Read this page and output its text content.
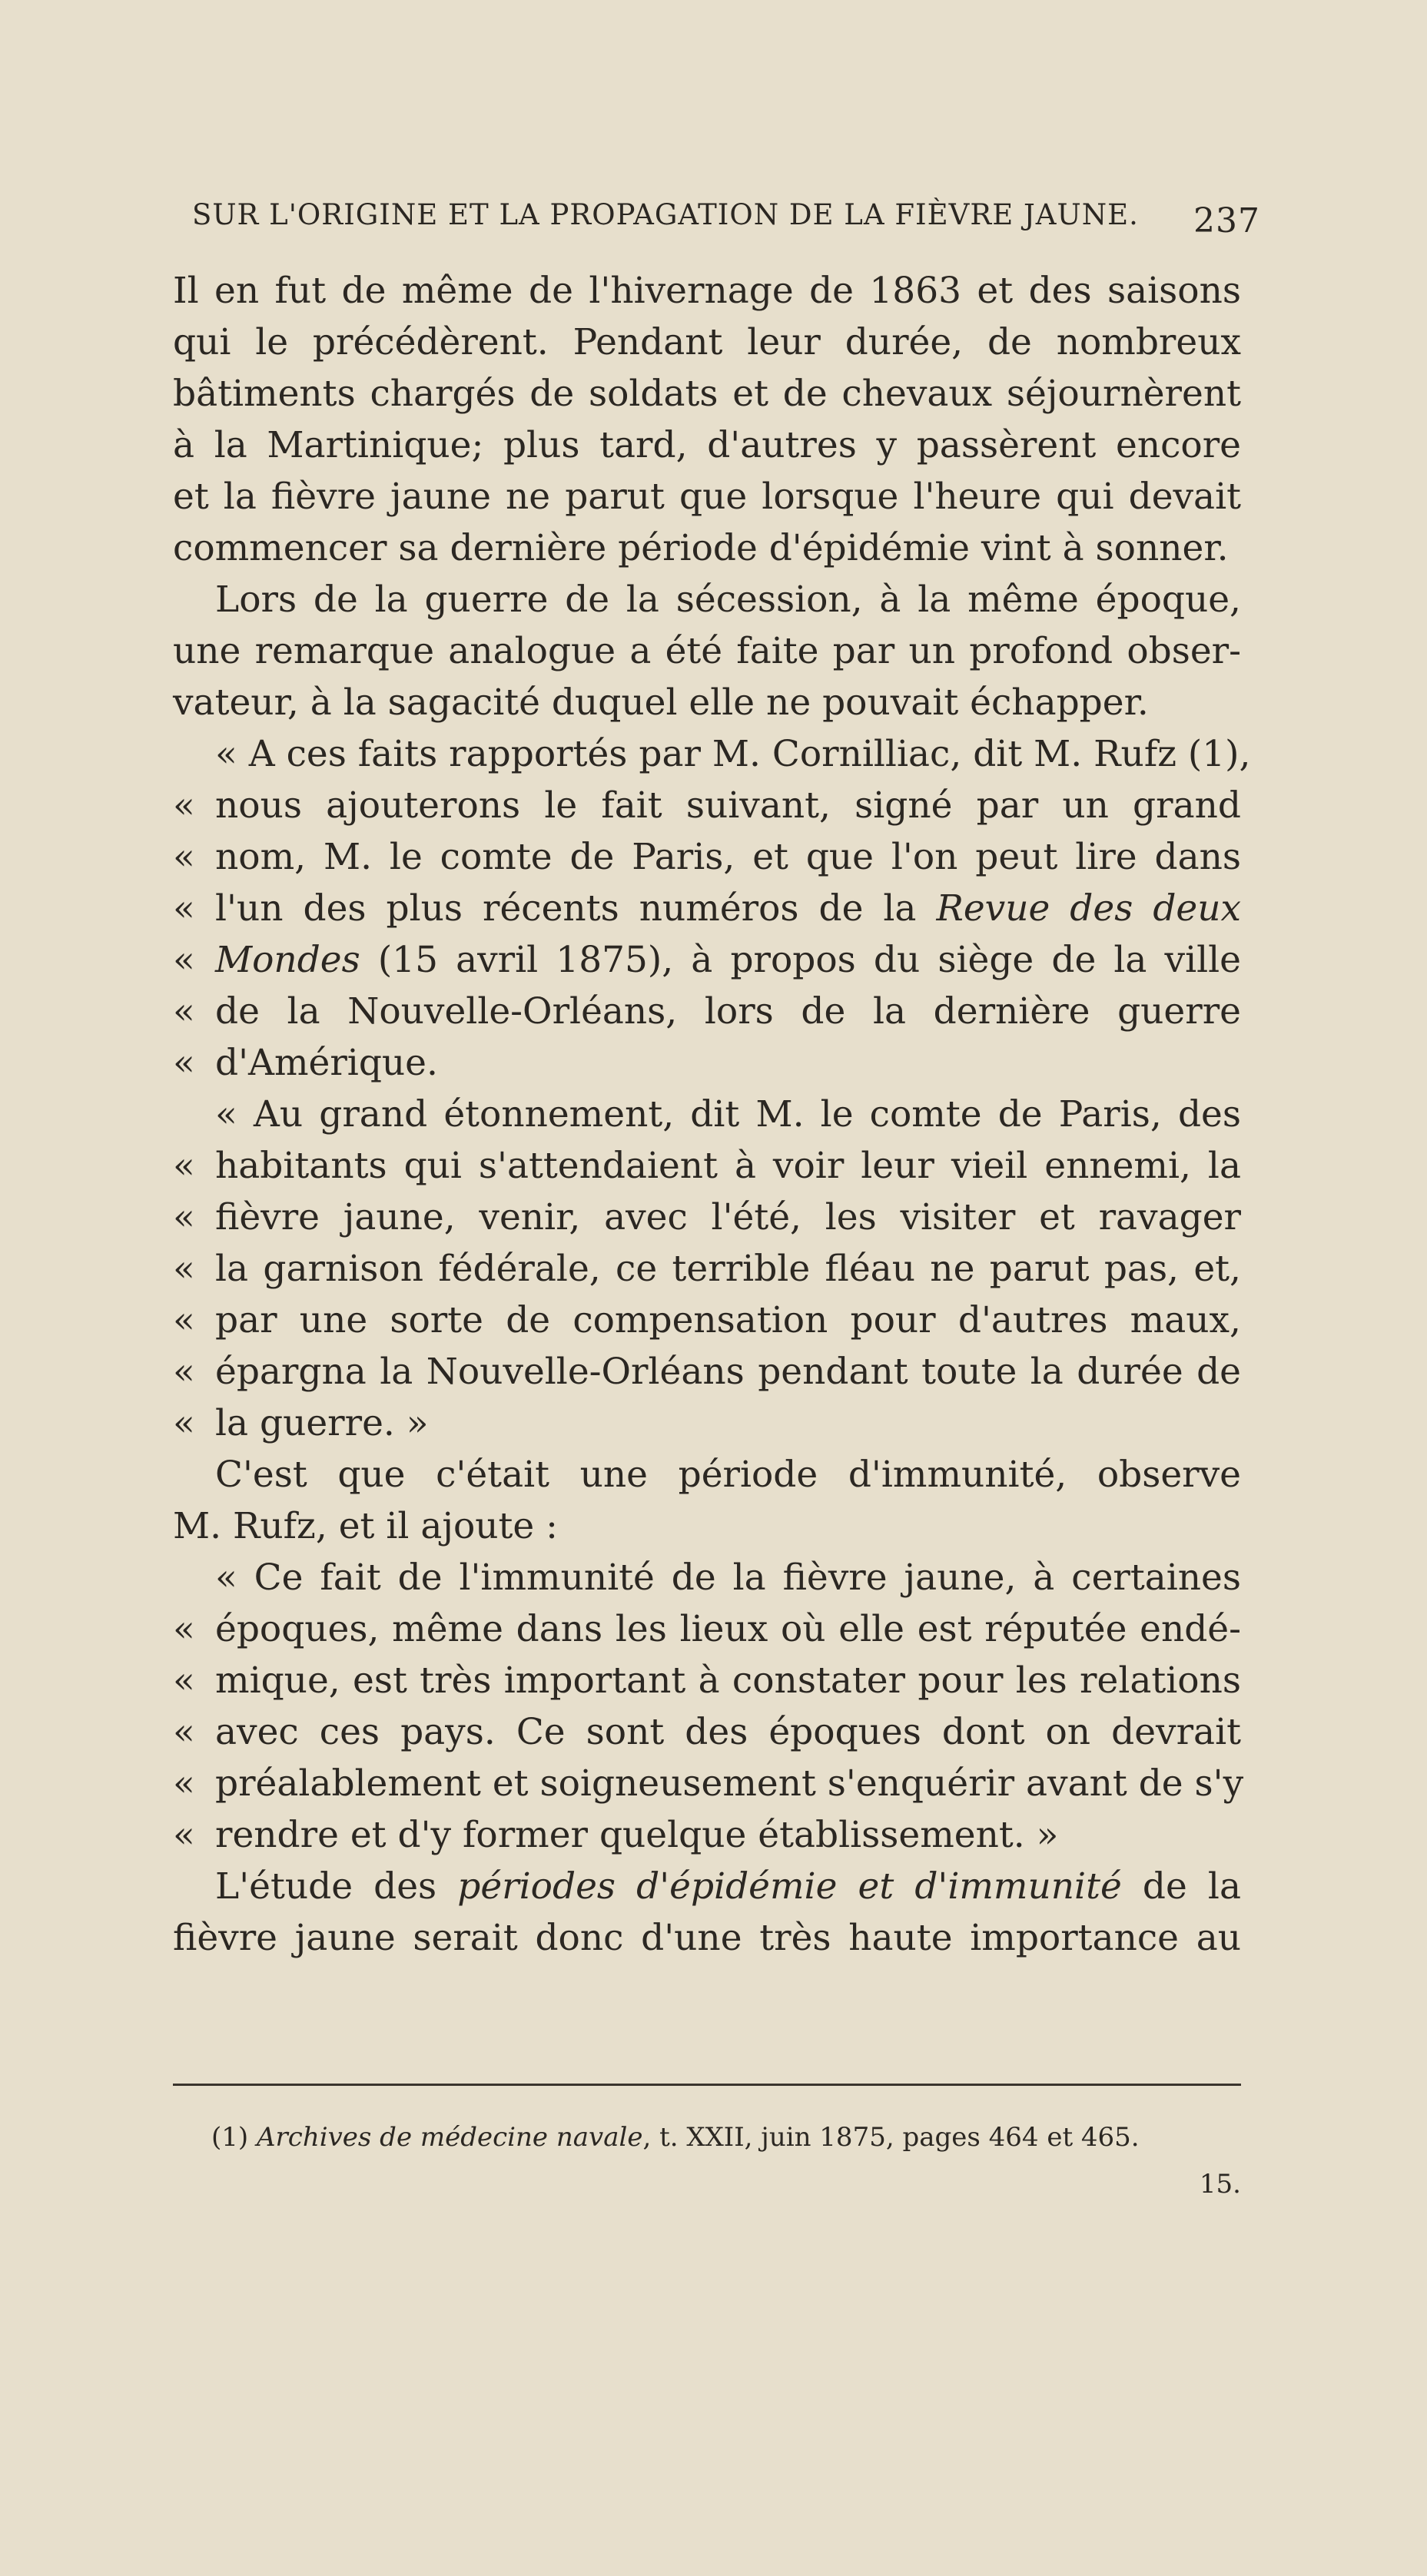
SUR L'ORIGINE ET LA PROPAGATION DE LA FIÈVRE JAUNE. 237
Il en fut de même de l'hivernage de 1863 et des saisons
qui le précédèrent. Pendant leur durée, de nombreux
bâtiments chargés de soldats et de chevaux séjournèrent
à la Martinique; plus tard, d'autres y passèrent encore
et la fièvre jaune ne parut que lorsque l'heure qui devait
commencer sa dernière période d'épidémie vint à sonner.
Lors de la guerre de la sécession, à la même époque,
une remarque analogue a été faite par un profond obser-
vateur, à la sagacité duquel elle ne pouvait échapper.
« A ces faits rapportés par M. Cornilliac, dit M. Rufz (1),
« nous ajouterons le fait suivant, signé par un grand
« nom, M. le comte de Paris, et que l'on peut lire dans
« l'un des plus récents numéros de la Revue des deux
« Mondes (15 avril 1875), à propos du siège de la ville
« de la Nouvelle-Orléans, lors de la dernière guerre
« d'Amérique.
« Au grand étonnement, dit M. le comte de Paris, des
« habitants qui s'attendaient à voir leur vieil ennemi, la
« fièvre jaune, venir, avec l'été, les visiter et ravager
« la garnison fédérale, ce terrible fléau ne parut pas, et,
« par une sorte de compensation pour d'autres maux,
« épargna la Nouvelle-Orléans pendant toute la durée de
« la guerre. »
C'est que c'était une période d'immunité, observe
M. Rufz, et il ajoute :
« Ce fait de l'immunité de la fièvre jaune, à certaines
« époques, même dans les lieux où elle est réputée endé-
« mique, est très important à constater pour les relations
« avec ces pays. Ce sont des époques dont on devrait
« préalablement et soigneusement s'enquérir avant de s'y
« rendre et d'y former quelque établissement. »
L'étude des périodes d'épidémie et d'immunité de la
fièvre jaune serait donc d'une très haute importance au
(1) Archives de médecine navale, t. XXII, juin 1875, pages 464 et 465.
15.
